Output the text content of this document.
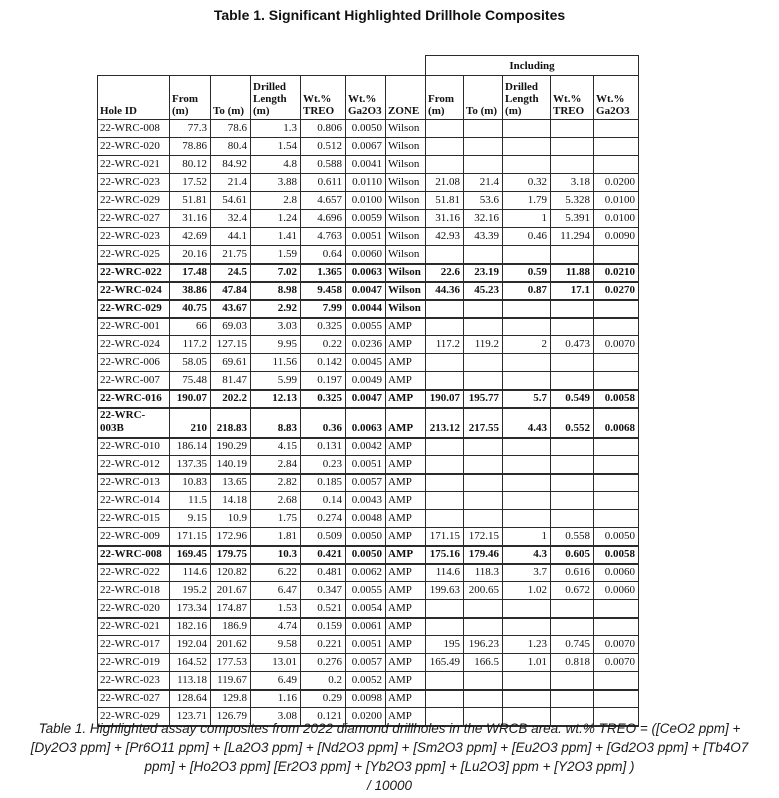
Table 1. Significant Highlighted Drillhole Composites
							Including				
Hole ID	From (m)	To (m)	Drilled Length (m)	Wt.% TREO	Wt.% Ga2O3	ZONE	From (m)	To (m)	Drilled Length (m)	Wt.% TREO	Wt.% Ga2O3
22-WRC-008	77.3	78.6	1.3	0.806	0.0050	Wilson					
22-WRC-020	78.86	80.4	1.54	0.512	0.0067	Wilson					
22-WRC-021	80.12	84.92	4.8	0.588	0.0041	Wilson					
22-WRC-023	17.52	21.4	3.88	0.611	0.0110	Wilson	21.08	21.4	0.32	3.18	0.0200
22-WRC-029	51.81	54.61	2.8	4.657	0.0100	Wilson	51.81	53.6	1.79	5.328	0.0100
22-WRC-027	31.16	32.4	1.24	4.696	0.0059	Wilson	31.16	32.16	1	5.391	0.0100
22-WRC-023	42.69	44.1	1.41	4.763	0.0051	Wilson	42.93	43.39	0.46	11.294	0.0090
22-WRC-025	20.16	21.75	1.59	0.64	0.0060	Wilson					
22-WRC-022	17.48	24.5	7.02	1.365	0.0063	Wilson	22.6	23.19	0.59	11.88	0.0210
22-WRC-024	38.86	47.84	8.98	9.458	0.0047	Wilson	44.36	45.23	0.87	17.1	0.0270
22-WRC-029	40.75	43.67	2.92	7.99	0.0044	Wilson					
22-WRC-001	66	69.03	3.03	0.325	0.0055	AMP					
22-WRC-024	117.2	127.15	9.95	0.22	0.0236	AMP	117.2	119.2	2	0.473	0.0070
22-WRC-006	58.05	69.61	11.56	0.142	0.0045	AMP					
22-WRC-007	75.48	81.47	5.99	0.197	0.0049	AMP					
22-WRC-016	190.07	202.2	12.13	0.325	0.0047	AMP	190.07	195.77	5.7	0.549	0.0058
22-WRC-003B	210	218.83	8.83	0.36	0.0063	AMP	213.12	217.55	4.43	0.552	0.0068
22-WRC-010	186.14	190.29	4.15	0.131	0.0042	AMP					
22-WRC-012	137.35	140.19	2.84	0.23	0.0051	AMP					
22-WRC-013	10.83	13.65	2.82	0.185	0.0057	AMP					
22-WRC-014	11.5	14.18	2.68	0.14	0.0043	AMP					
22-WRC-015	9.15	10.9	1.75	0.274	0.0048	AMP					
22-WRC-009	171.15	172.96	1.81	0.509	0.0050	AMP	171.15	172.15	1	0.558	0.0050
22-WRC-008	169.45	179.75	10.3	0.421	0.0050	AMP	175.16	179.46	4.3	0.605	0.0058
22-WRC-022	114.6	120.82	6.22	0.481	0.0062	AMP	114.6	118.3	3.7	0.616	0.0060
22-WRC-018	195.2	201.67	6.47	0.347	0.0055	AMP	199.63	200.65	1.02	0.672	0.0060
22-WRC-020	173.34	174.87	1.53	0.521	0.0054	AMP					
22-WRC-021	182.16	186.9	4.74	0.159	0.0061	AMP					
22-WRC-017	192.04	201.62	9.58	0.221	0.0051	AMP	195	196.23	1.23	0.745	0.0070
22-WRC-019	164.52	177.53	13.01	0.276	0.0057	AMP	165.49	166.5	1.01	0.818	0.0070
22-WRC-023	113.18	119.67	6.49	0.2	0.0052	AMP					
22-WRC-027	128.64	129.8	1.16	0.29	0.0098	AMP					
22-WRC-029	123.71	126.79	3.08	0.121	0.0200	AMP					
Table 1. Highlighted assay composites from 2022 diamond drillholes in the WRCB area. wt.% TREO = ([CeO2 ppm] + [Dy2O3 ppm] + [Pr6O11 ppm] + [La2O3 ppm] + [Nd2O3 ppm] + [Sm2O3 ppm] + [Eu2O3 ppm] + [Gd2O3 ppm] + [Tb4O7 ppm] + [Ho2O3 ppm] [Er2O3 ppm] + [Yb2O3 ppm] + [Lu2O3] ppm + [Y2O3 ppm] )
/ 10000
